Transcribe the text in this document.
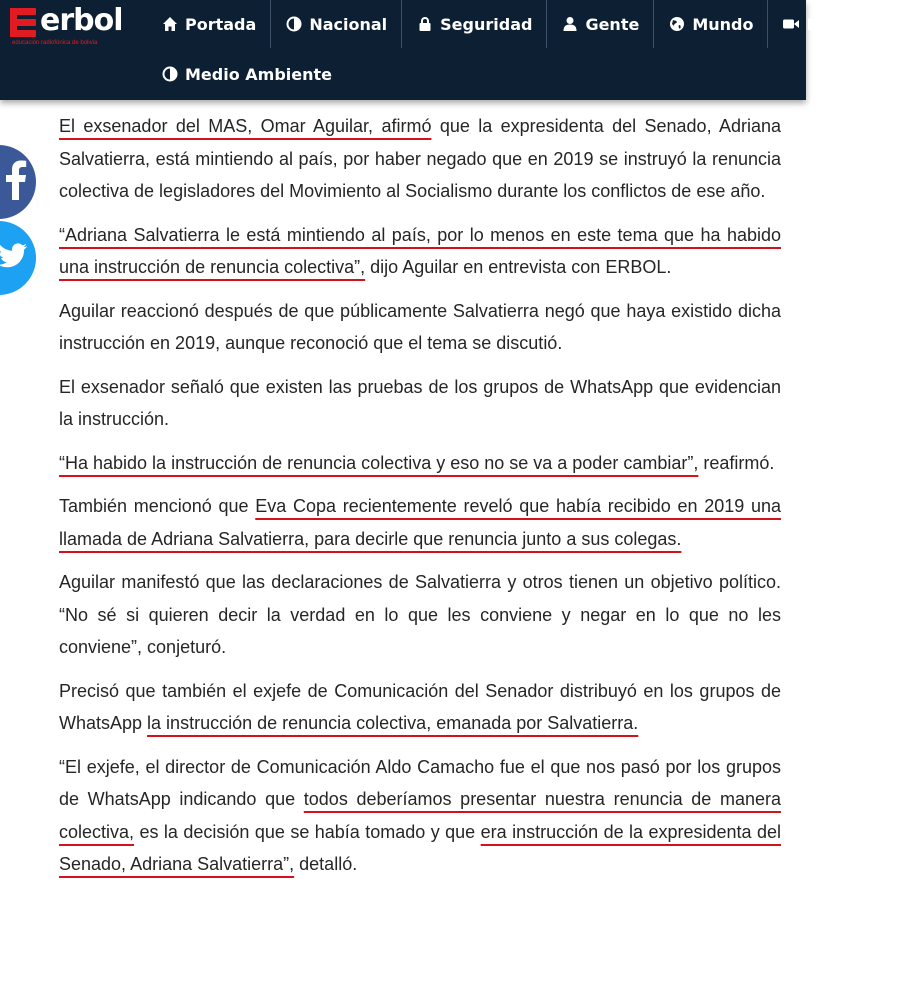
erbol
educación radiofónica de bolivia
Portada	Nacional	Seguridad	Gente	Mundo	Entrevista
Medio Ambiente

El exsenador del MAS, Omar Aguilar, afirmó que la expresidenta del Senado, Adriana Salvatierra, está mintiendo al país, por haber negado que en 2019 se instruyó la renuncia colectiva de legisladores del Movimiento al Socialismo durante los conflictos de ese año.

“Adriana Salvatierra le está mintiendo al país, por lo menos en este tema que ha habido una instrucción de renuncia colectiva”, dijo Aguilar en entrevista con ERBOL.

Aguilar reaccionó después de que públicamente Salvatierra negó que haya existido dicha instrucción en 2019, aunque reconoció que el tema se discutió.

El exsenador señaló que existen las pruebas de los grupos de WhatsApp que evidencian la instrucción.

“Ha habido la instrucción de renuncia colectiva y eso no se va a poder cambiar”, reafirmó.

También mencionó que Eva Copa recientemente reveló que había recibido en 2019 una llamada de Adriana Salvatierra, para decirle que renuncia junto a sus colegas.

Aguilar manifestó que las declaraciones de Salvatierra y otros tienen un objetivo político. “No sé si quieren decir la verdad en lo que les conviene y negar en lo que no les conviene”, conjeturó.

Precisó que también el exjefe de Comunicación del Senador distribuyó en los grupos de WhatsApp la instrucción de renuncia colectiva, emanada por Salvatierra.

“El exjefe, el director de Comunicación Aldo Camacho fue el que nos pasó por los grupos de WhatsApp indicando que todos deberíamos presentar nuestra renuncia de manera colectiva, es la decisión que se había tomado y que era instrucción de la expresidenta del Senado, Adriana Salvatierra”, detalló.
